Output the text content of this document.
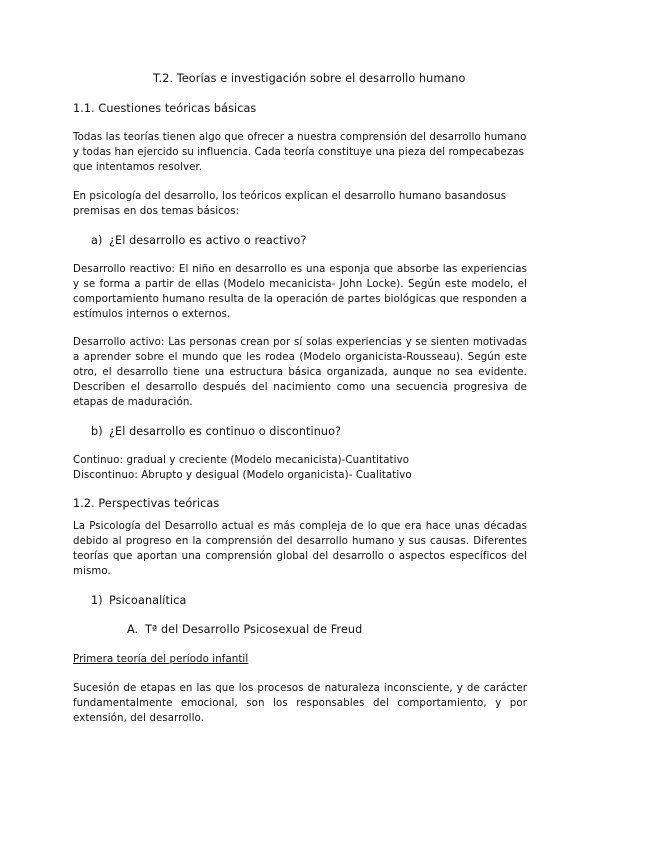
T.2. Teorías e investigación sobre el desarrollo humano
1.1. Cuestiones teóricas básicas
Todas las teorías tienen algo que ofrecer a nuestra comprensión del desarrollo humano y todas han ejercido su influencia. Cada teoría constituye una pieza del rompecabezas que intentamos resolver.
En psicología del desarrollo, los teóricos explican el desarrollo humano basandosus premisas en dos temas básicos:
a) ¿El desarrollo es activo o reactivo?
Desarrollo reactivo: El niño en desarrollo es una esponja que absorbe las experiencias y se forma a partir de ellas (Modelo mecanicista- John Locke). Según este modelo, el comportamiento humano resulta de la operación de partes biológicas que responden a estímulos internos o externos.
Desarrollo activo: Las personas crean por sí solas experiencias y se sienten motivadas a aprender sobre el mundo que les rodea (Modelo organicista-Rousseau). Según este otro, el desarrollo tiene una estructura básica organizada, aunque no sea evidente. Describen el desarrollo después del nacimiento como una secuencia progresiva de etapas de maduración.
b) ¿El desarrollo es continuo o discontinuo?
Continuo: gradual y creciente (Modelo mecanicista)-Cuantitativo
Discontinuo: Abrupto y desigual (Modelo organicista)- Cualitativo
1.2. Perspectivas teóricas
La Psicología del Desarrollo actual es más compleja de lo que era hace unas décadas debido al progreso en la comprensión del desarrollo humano y sus causas. Diferentes teorías que aportan una comprensión global del desarrollo o aspectos específicos del mismo.
1) Psicoanalítica
A. Tª del Desarrollo Psicosexual de Freud
Primera teoría del período infantil
Sucesión de etapas en las que los procesos de naturaleza inconsciente, y de carácter fundamentalmente emocional, son los responsables del comportamiento, y por extensión, del desarrollo.
